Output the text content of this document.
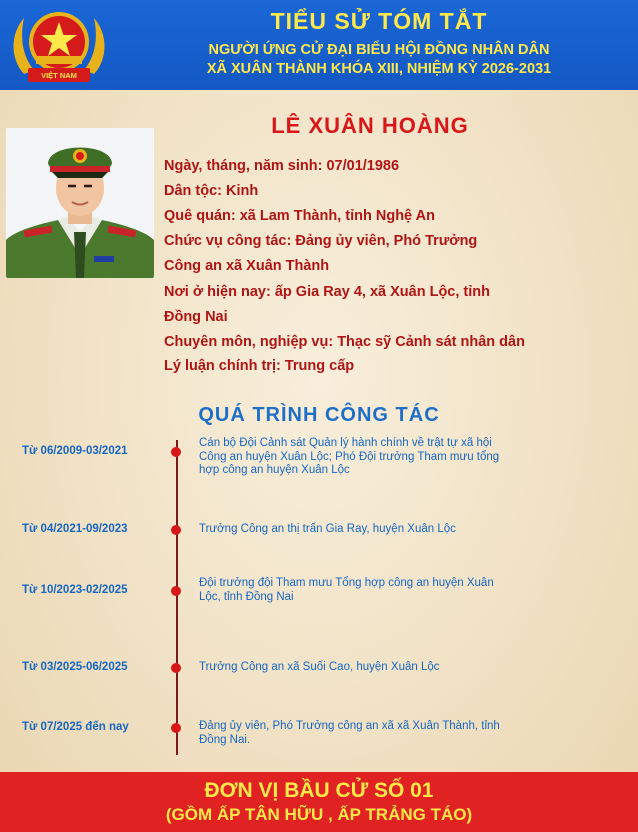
VIỆT NAM
TIỂU SỬ TÓM TẮT
NGƯỜI ỨNG CỬ ĐẠI BIỂU HỘI ĐỒNG NHÂN DÂN
XÃ XUÂN THÀNH KHÓA XIII, NHIỆM KỲ 2026-2031
LÊ XUÂN HOÀNG
Ngày, tháng, năm sinh: 07/01/1986
Dân tộc: Kinh
Quê quán: xã Lam Thành, tỉnh Nghệ An
Chức vụ công tác: Đảng ủy viên, Phó Trưởng
Công an xã Xuân Thành
Nơi ở hiện nay: ấp Gia Ray 4, xã Xuân Lộc, tỉnh
Đồng Nai
Chuyên môn, nghiệp vụ: Thạc sỹ Cảnh sát nhân dân
Lý luận chính trị: Trung cấp
QUÁ TRÌNH CÔNG TÁC
Từ 06/2009-03/2021
Cán bộ Đội Cảnh sát Quản lý hành chính về trật tự xã hội
Công an huyện Xuân Lộc; Phó Đội trưởng Tham mưu tổng
hợp công an huyện Xuân Lộc
Từ 04/2021-09/2023	Trưởng Công an thị trấn Gia Ray, huyện Xuân Lộc
Từ 10/2023-02/2025
Đội trưởng đội Tham mưu Tổng hợp công an huyện Xuân
Lộc, tỉnh Đồng Nai
Từ 03/2025-06/2025	Trưởng Công an xã Suối Cao, huyện Xuân Lộc
Từ 07/2025 đến nay	Đảng ủy viên, Phó Trưởng công an xã xã Xuân Thành, tỉnh
Đồng Nai.
ĐƠN VỊ BẦU CỬ SỐ 01
(GỒM ẤP TÂN HỮU , ẤP TRẢNG TÁO)
